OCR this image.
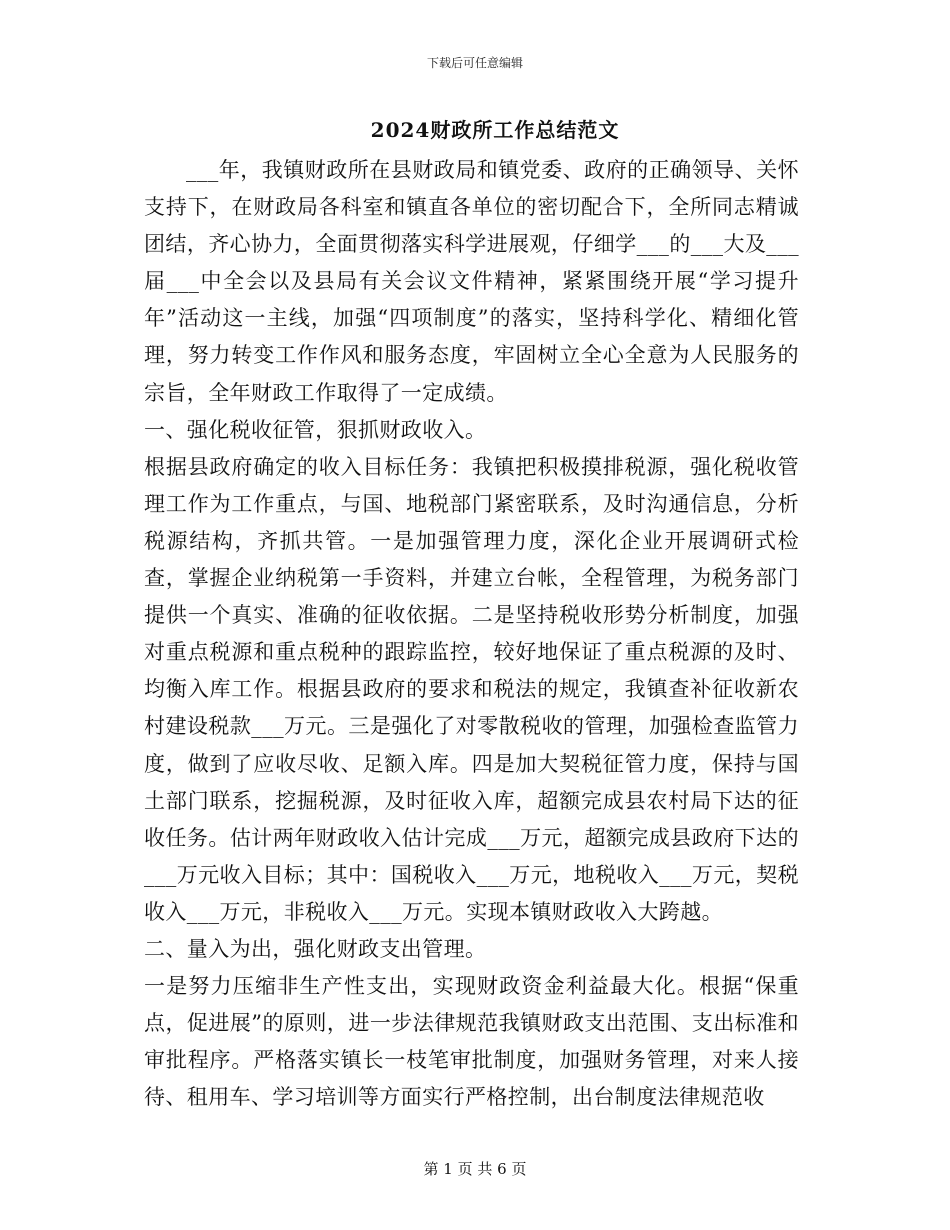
下载后可任意编辑
2024财政所工作总结范文

___年，我镇财政所在县财政局和镇党委、政府的正确领导、关怀支持下，在财政局各科室和镇直各单位的密切配合下，全所同志精诚团结，齐心协力，全面贯彻落实科学进展观，仔细学___的___大及___届___中全会以及县局有关会议文件精神，紧紧围绕开展“学习提升年”活动这一主线，加强“四项制度”的落实，坚持科学化、精细化管理，努力转变工作作风和服务态度，牢固树立全心全意为人民服务的宗旨，全年财政工作取得了一定成绩。

一、强化税收征管，狠抓财政收入。

根据县政府确定的收入目标任务：我镇把积极摸排税源，强化税收管理工作为工作重点，与国、地税部门紧密联系，及时沟通信息，分析税源结构，齐抓共管。一是加强管理力度，深化企业开展调研式检查，掌握企业纳税第一手资料，并建立台帐，全程管理，为税务部门提供一个真实、准确的征收依据。二是坚持税收形势分析制度，加强对重点税源和重点税种的跟踪监控，较好地保证了重点税源的及时、均衡入库工作。根据县政府的要求和税法的规定，我镇查补征收新农村建设税款___万元。三是强化了对零散税收的管理，加强检查监管力度，做到了应收尽收、足额入库。四是加大契税征管力度，保持与国土部门联系，挖掘税源，及时征收入库，超额完成县农村局下达的征收任务。估计两年财政收入估计完成___万元，超额完成县政府下达的___万元收入目标；其中：国税收入___万元，地税收入___万元，契税收入___万元，非税收入___万元。实现本镇财政收入大跨越。

二、量入为出，强化财政支出管理。

一是努力压缩非生产性支出，实现财政资金利益最大化。根据“保重点，促进展”的原则，进一步法律规范我镇财政支出范围、支出标准和审批程序。严格落实镇长一枝笔审批制度，加强财务管理，对来人接待、租用车、学习培训等方面实行严格控制，出台制度法律规范收

第 1 页 共 6 页
